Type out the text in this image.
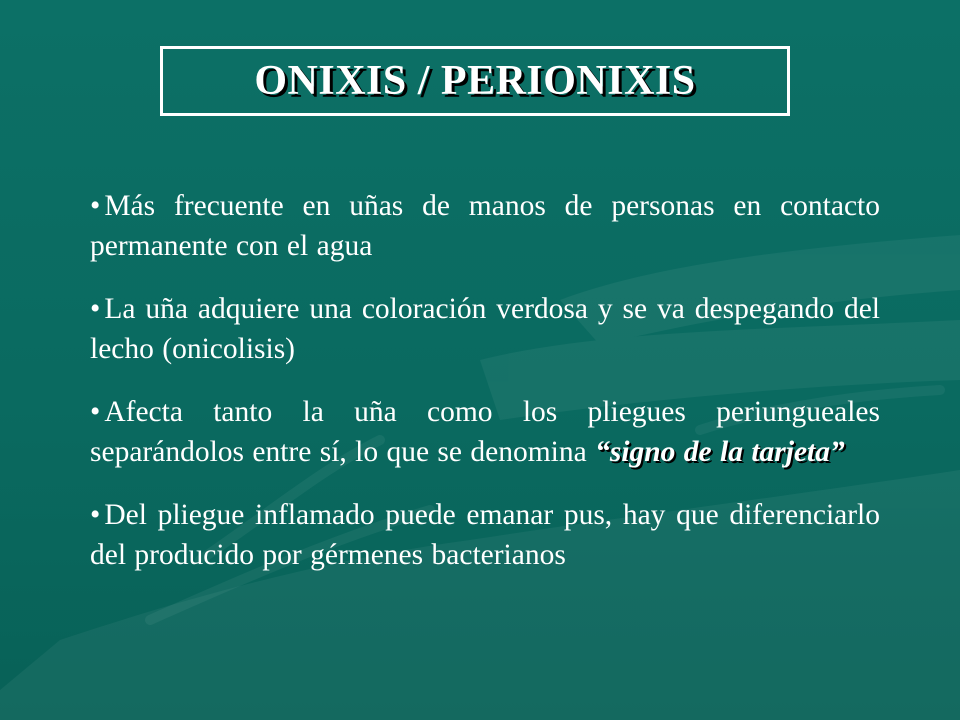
ONIXIS / PERIONIXIS
• Más frecuente en uñas de manos de personas en contacto permanente con el agua
• La uña adquiere una coloración verdosa y se va despegando del lecho (onicolisis)
• Afecta tanto la uña como los pliegues periungueales separándolos entre sí, lo que se denomina “signo de la tarjeta”
• Del pliegue inflamado puede emanar pus, hay que diferenciarlo del producido por gérmenes bacterianos
